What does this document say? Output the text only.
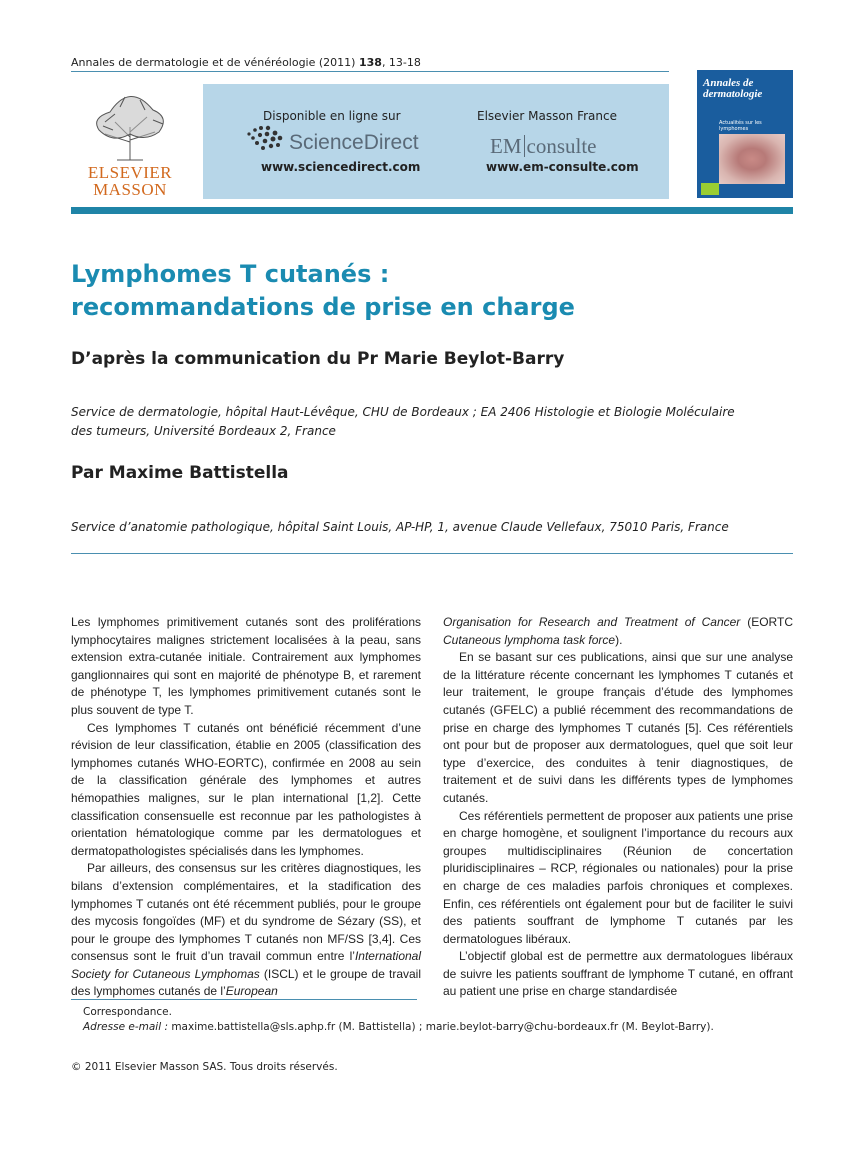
Annales de dermatologie et de vénéréologie (2011) 138, 13-18
ELSEVIER
MASSON
Disponible en ligne sur
ScienceDirect
www.sciencedirect.com
Elsevier Masson France
EM consulte
www.em-consulte.com
Annales de dermatologie
Actualités sur les lymphomes
Lymphomes T cutanés :
recommandations de prise en charge
D’après la communication du Pr Marie Beylot-Barry
Service de dermatologie, hôpital Haut-Lévêque, CHU de Bordeaux ; EA 2406 Histologie et Biologie Moléculaire
des tumeurs, Université Bordeaux 2, France
Par Maxime Battistella
Service d’anatomie pathologique, hôpital Saint Louis, AP-HP, 1, avenue Claude Vellefaux, 75010 Paris, France

Les lymphomes primitivement cutanés sont des proliférations lymphocytaires malignes strictement localisées à la peau, sans extension extra-cutanée initiale. Contrairement aux lymphomes ganglionnaires qui sont en majorité de phénotype B, et rarement de phénotype T, les lymphomes primitivement cutanés sont le plus souvent de type T.

Ces lymphomes T cutanés ont bénéficié récemment d’une révision de leur classification, établie en 2005 (classification des lymphomes cutanés WHO-EORTC), confirmée en 2008 au sein de la classification générale des lymphomes et autres hémopathies malignes, sur le plan international [1,2]. Cette classification consensuelle est reconnue par les pathologistes à orientation hématologique comme par les dermatologues et dermatopathologistes spécialisés dans les lymphomes.

Par ailleurs, des consensus sur les critères diagnostiques, les bilans d’extension complémentaires, et la stadification des lymphomes T cutanés ont été récemment publiés, pour le groupe des mycosis fongoïdes (MF) et du syndrome de Sézary (SS), et pour le groupe des lymphomes T cutanés non MF/SS [3,4]. Ces consensus sont le fruit d’un travail commun entre l’International Society for Cutaneous Lymphomas (ISCL) et le groupe de travail des lymphomes cutanés de l’European

Organisation for Research and Treatment of Cancer (EORTC Cutaneous lymphoma task force).

En se basant sur ces publications, ainsi que sur une analyse de la littérature récente concernant les lymphomes T cutanés et leur traitement, le groupe français d’étude des lymphomes cutanés (GFELC) a publié récemment des recommandations de prise en charge des lymphomes T cutanés [5]. Ces référentiels ont pour but de proposer aux dermatologues, quel que soit leur type d’exercice, des conduites à tenir diagnostiques, de traitement et de suivi dans les différents types de lymphomes cutanés.

Ces référentiels permettent de proposer aux patients une prise en charge homogène, et soulignent l’importance du recours aux groupes multidisciplinaires (Réunion de concertation pluridisciplinaires – RCP, régionales ou nationales) pour la prise en charge de ces maladies parfois chroniques et complexes. Enfin, ces référentiels ont également pour but de faciliter le suivi des patients souffrant de lymphome T cutanés par les dermatologues libéraux.

L’objectif global est de permettre aux dermatologues libéraux de suivre les patients souffrant de lymphome T cutané, en offrant au patient une prise en charge standardisée

Correspondance.
Adresse e-mail : maxime.battistella@sls.aphp.fr (M. Battistella) ; marie.beylot-barry@chu-bordeaux.fr (M. Beylot-Barry).
© 2011 Elsevier Masson SAS. Tous droits réservés.
